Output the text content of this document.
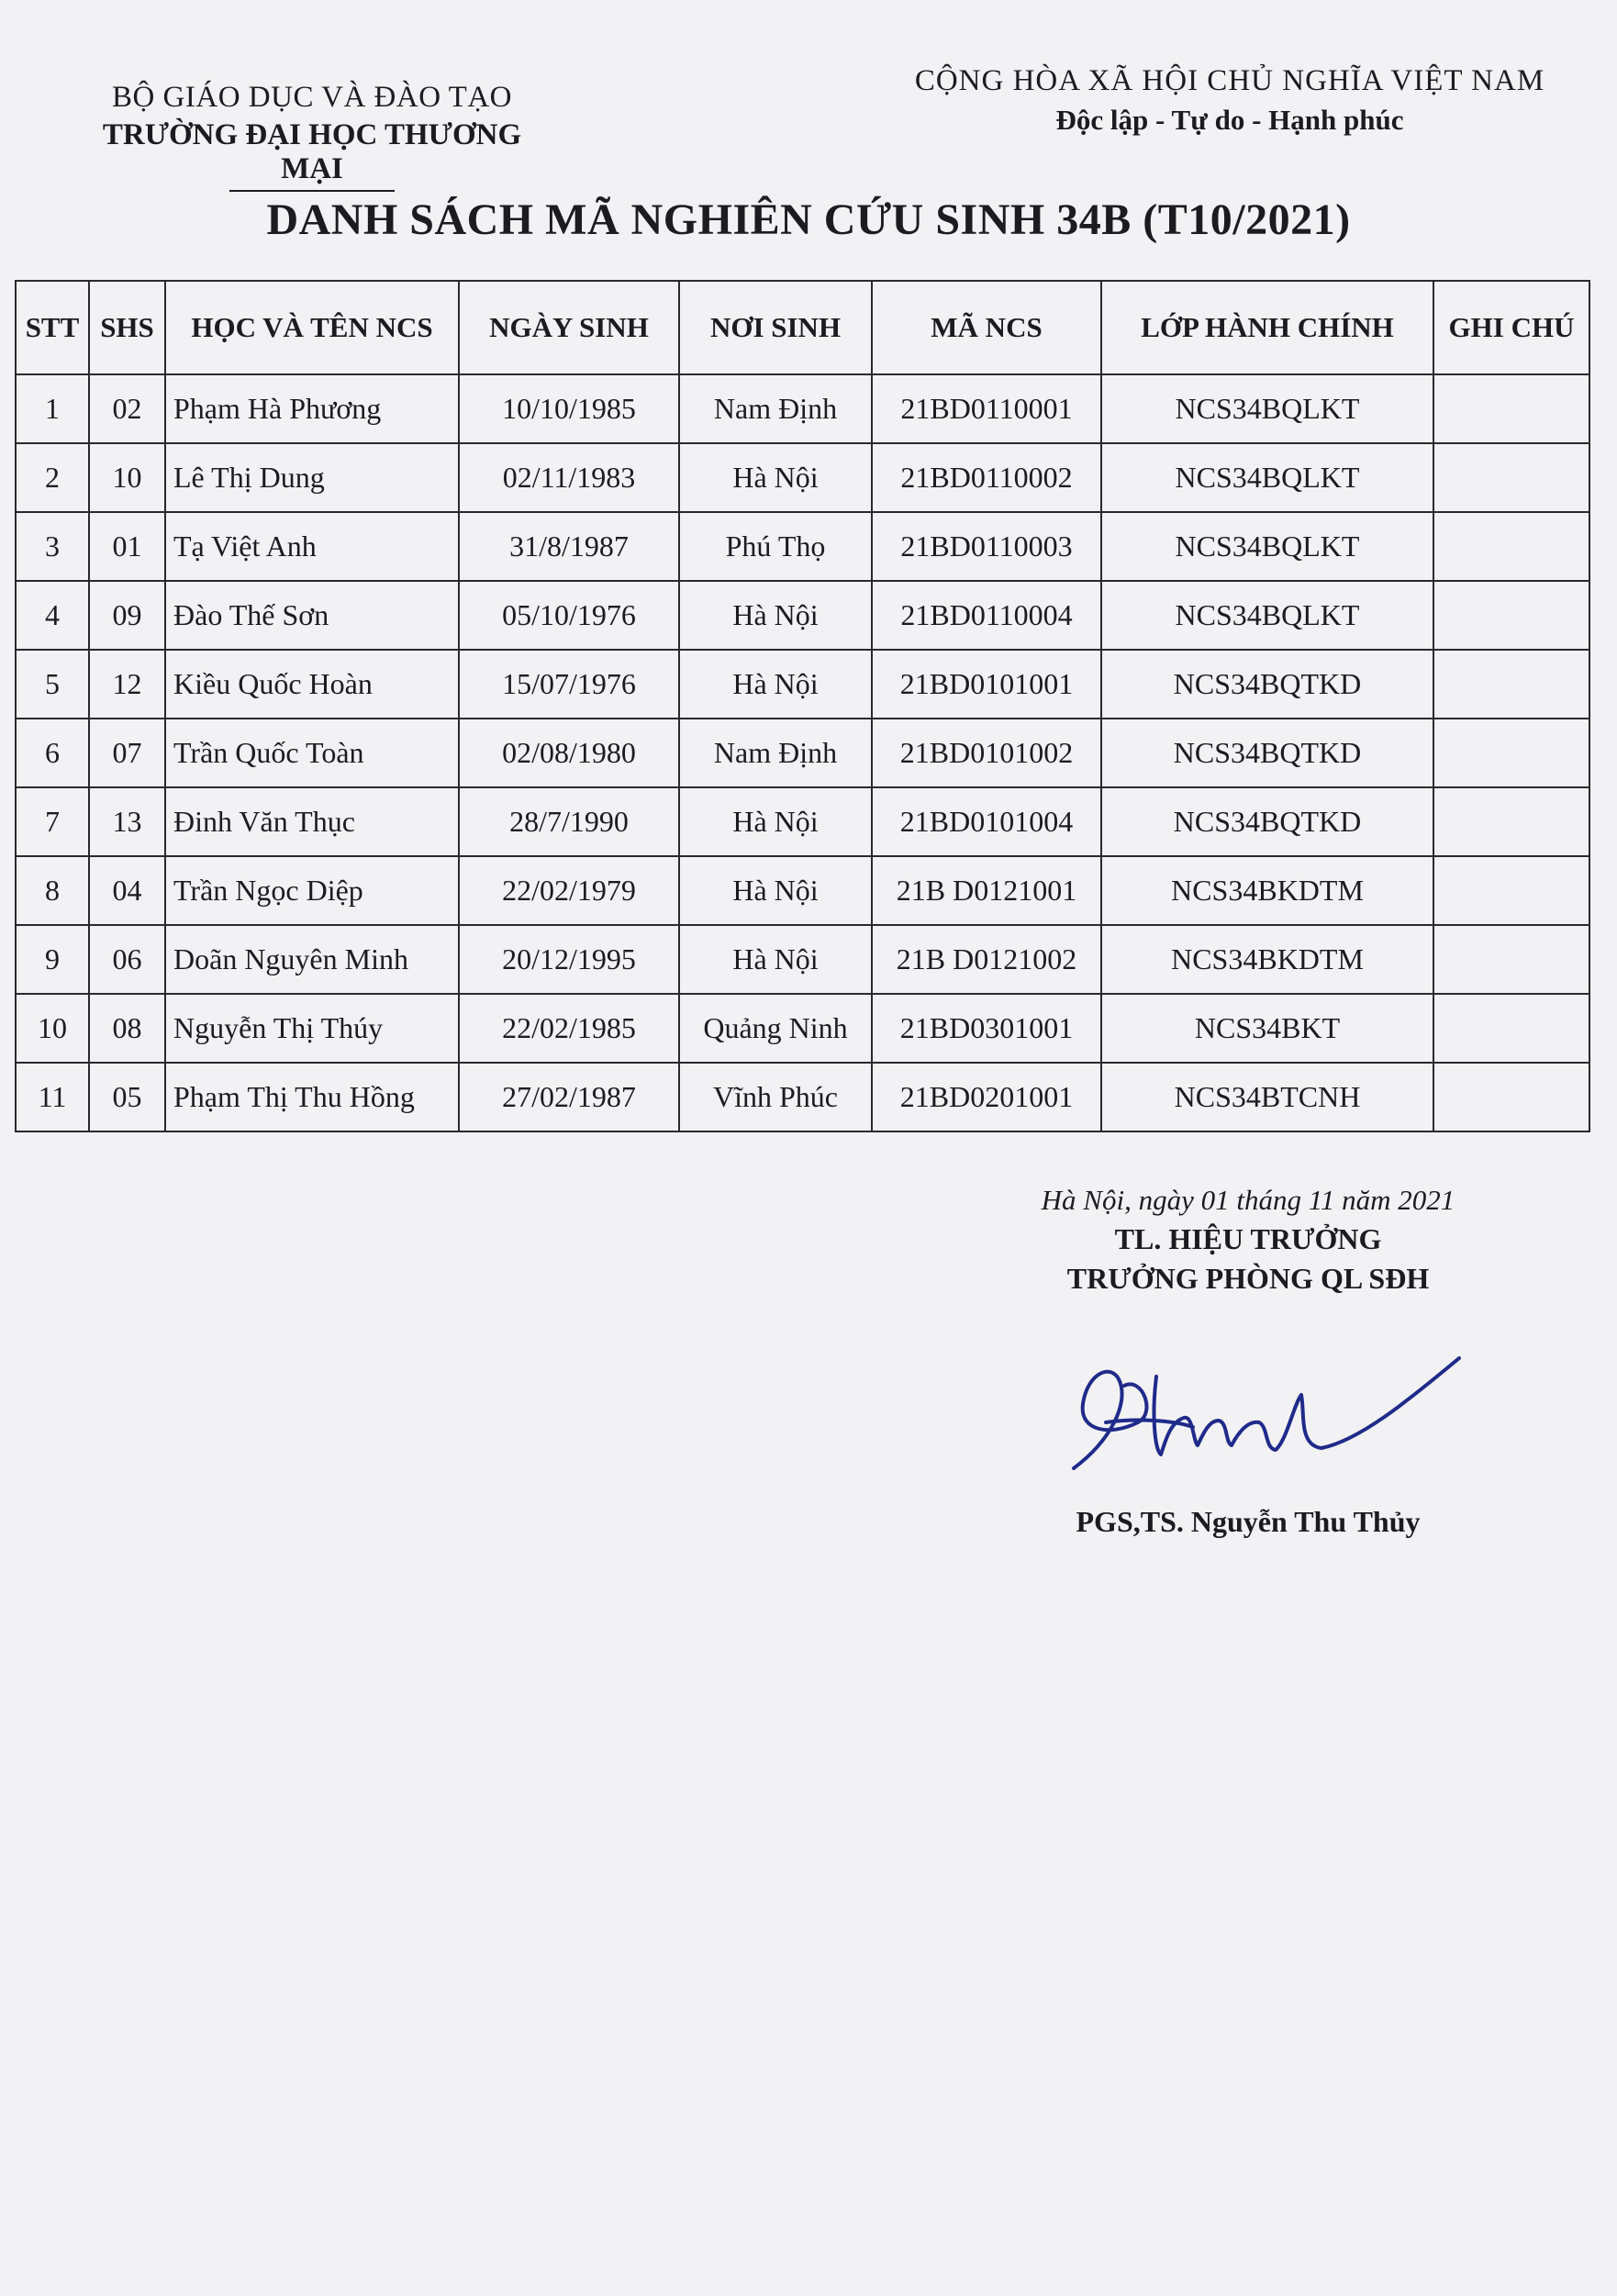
BỘ GIÁO DỤC VÀ ĐÀO TẠO
TRƯỜNG ĐẠI HỌC THƯƠNG MẠI
CỘNG HÒA XÃ HỘI CHỦ NGHĨA VIỆT NAM
Độc lập - Tự do - Hạnh phúc
DANH SÁCH MÃ NGHIÊN CỨU SINH 34B (T10/2021)
STT	SHS	HỌC VÀ TÊN NCS	NGÀY SINH	NƠI SINH	MÃ NCS	LỚP HÀNH CHÍNH	GHI CHÚ
1	02	Phạm Hà Phương	10/10/1985	Nam Định	21BD0110001	NCS34BQLKT	
2	10	Lê Thị Dung	02/11/1983	Hà Nội	21BD0110002	NCS34BQLKT	
3	01	Tạ Việt Anh	31/8/1987	Phú Thọ	21BD0110003	NCS34BQLKT	
4	09	Đào Thế Sơn	05/10/1976	Hà Nội	21BD0110004	NCS34BQLKT	
5	12	Kiều Quốc Hoàn	15/07/1976	Hà Nội	21BD0101001	NCS34BQTKD	
6	07	Trần Quốc Toàn	02/08/1980	Nam Định	21BD0101002	NCS34BQTKD	
7	13	Đinh Văn Thục	28/7/1990	Hà Nội	21BD0101004	NCS34BQTKD	
8	04	Trần Ngọc Diệp	22/02/1979	Hà Nội	21B D0121001	NCS34BKDTM	
9	06	Doãn Nguyên Minh	20/12/1995	Hà Nội	21B D0121002	NCS34BKDTM	
10	08	Nguyễn Thị Thúy	22/02/1985	Quảng Ninh	21BD0301001	NCS34BKT	
11	05	Phạm Thị Thu Hồng	27/02/1987	Vĩnh Phúc	21BD0201001	NCS34BTCNH	
Hà Nội, ngày 01 tháng 11 năm 2021
TL. HIỆU TRƯỞNG
TRƯỞNG PHÒNG QL SĐH
PGS,TS. Nguyễn Thu Thủy
